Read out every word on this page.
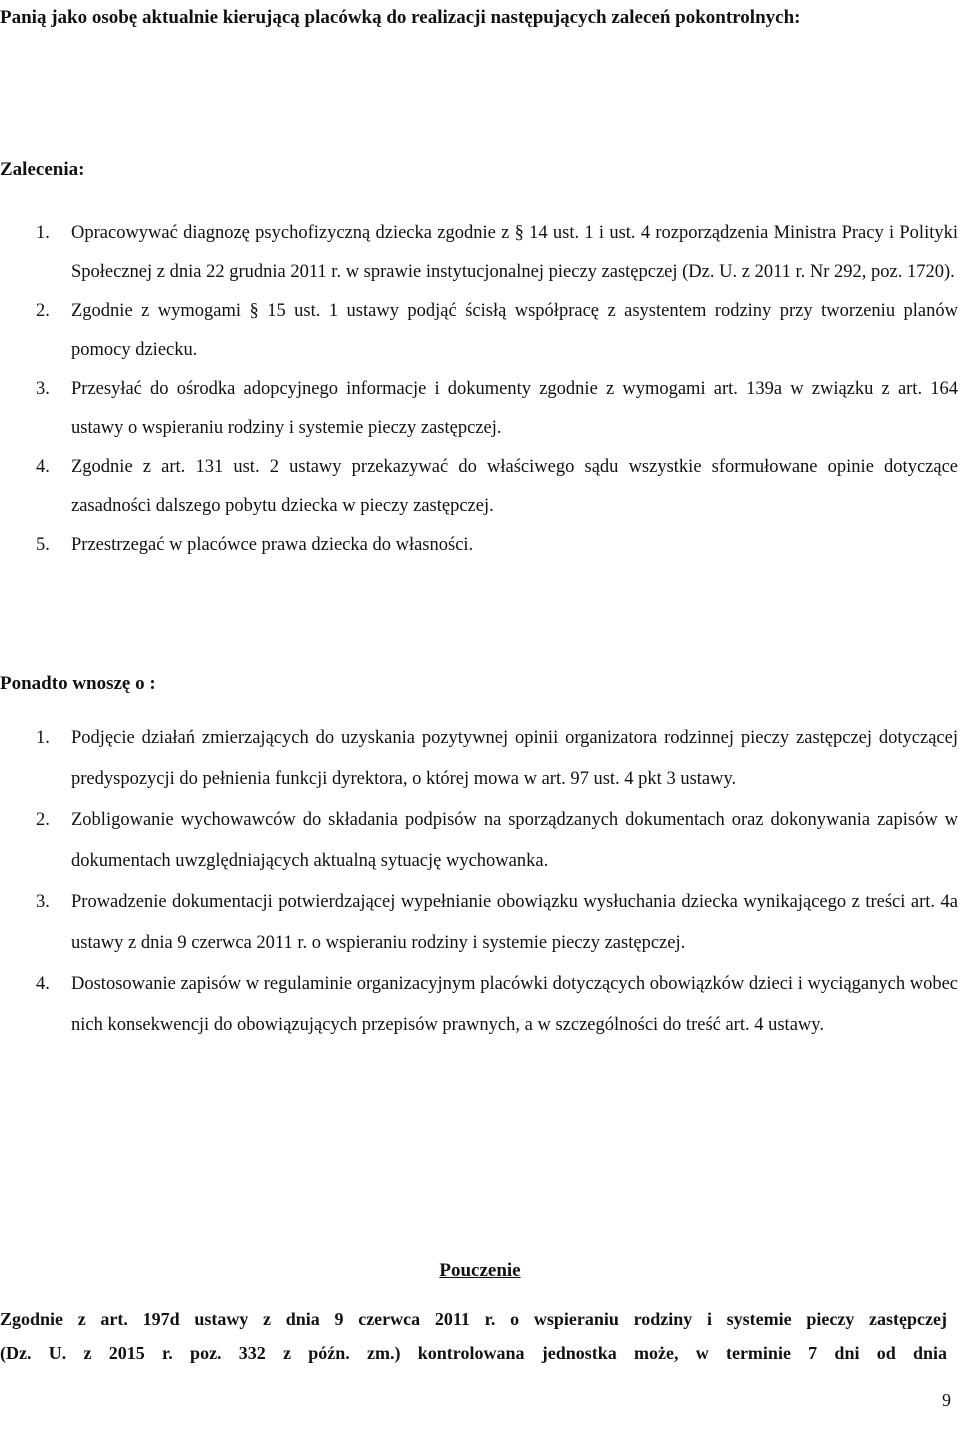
Panią jako osobę aktualnie kierującą placówką do realizacji następujących zaleceń pokontrolnych:
Zalecenia:
1.	Opracowywać diagnozę psychofizyczną dziecka zgodnie z § 14 ust. 1 i ust. 4 rozporządzenia Ministra Pracy i Polityki Społecznej z dnia 22 grudnia 2011 r. w sprawie instytucjonalnej pieczy zastępczej (Dz. U. z 2011 r. Nr 292, poz. 1720).
2.	Zgodnie z wymogami § 15 ust. 1 ustawy podjąć ścisłą współpracę z asystentem rodziny przy tworzeniu planów pomocy dziecku.
3.	Przesyłać do ośrodka adopcyjnego informacje i dokumenty zgodnie z wymogami art. 139a w związku z art. 164 ustawy o wspieraniu rodziny i systemie pieczy zastępczej.
4.	Zgodnie z art. 131 ust. 2 ustawy przekazywać do właściwego sądu wszystkie sformułowane opinie dotyczące zasadności dalszego pobytu dziecka w pieczy zastępczej.
5.	Przestrzegać w placówce prawa dziecka do własności.
Ponadto wnoszę o :
1.	Podjęcie działań zmierzających do uzyskania pozytywnej opinii organizatora rodzinnej pieczy zastępczej dotyczącej predyspozycji do pełnienia funkcji dyrektora, o której mowa w art. 97 ust. 4 pkt 3 ustawy.
2.	Zobligowanie wychowawców do składania podpisów na sporządzanych dokumentach oraz dokonywania zapisów w dokumentach uwzględniających aktualną sytuację wychowanka.
3.	Prowadzenie dokumentacji potwierdzającej wypełnianie obowiązku wysłuchania dziecka wynikającego z treści art. 4a ustawy z dnia 9 czerwca 2011 r. o wspieraniu rodziny i systemie pieczy zastępczej.
4.	Dostosowanie zapisów w regulaminie organizacyjnym placówki dotyczących obowiązków dzieci i wyciąganych wobec nich konsekwencji do obowiązujących przepisów prawnych, a w szczególności do treść art. 4 ustawy.
Pouczenie
Zgodnie z art. 197d ustawy z dnia 9 czerwca 2011 r. o wspieraniu rodziny i systemie pieczy zastępczej
(Dz. U. z 2015 r. poz. 332 z późn. zm.) kontrolowana jednostka może, w terminie 7 dni od dnia
9
